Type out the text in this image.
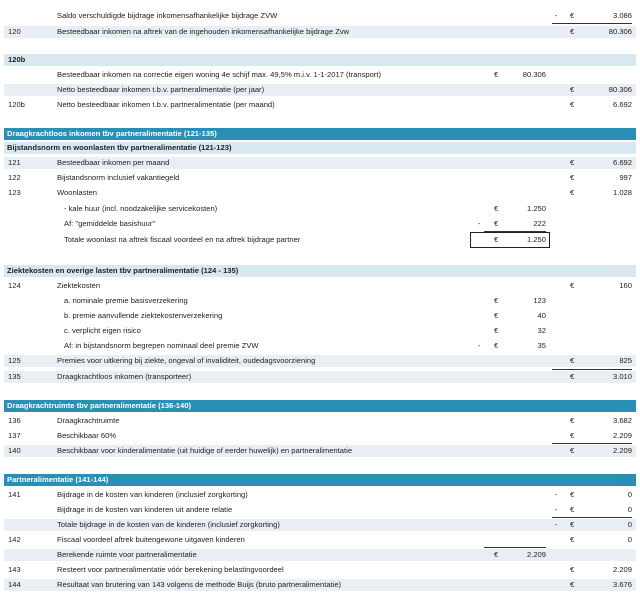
Saldo verschuldigde bijdrage inkomensafhankelijke bijdrage ZVW	-	€	3.086
120	Besteedbaar inkomen na aftrek van de ingehouden inkomensafhankelijke bijdrage Zvw	€	80.306
120b
Besteedbaar inkomen na correctie eigen woning 4e schijf max. 49,5% m.i.v. 1-1-2017 (transport)	€	80.306
Netto besteedbaar inkomen t.b.v. partneralimentatie (per jaar)	€	80.306
120b	Netto besteedbaar inkomen t.b.v. partneralimentatie (per maand)	€	6.692
Draagkrachtloos inkomen tbv partneralimentatie (121-135)
Bijstandsnorm en woonlasten tbv partneralimentatie (121-123)
121	Besteedbaar inkomen per maand	€	6.692
122	Bijstandsnorm inclusief vakantiegeld	€	997
123	Woonlasten	€	1.028
- kale huur (incl. noodzakelijke servicekosten)	€	1.250
Af: "gemiddelde basishuur"	-	€	222
Totale woonlast na aftrek fiscaal voordeel en na aftrek bijdrage partner	€	1.250
Ziektekosten en overige lasten tbv partneralimentatie (124 - 135)
124	Ziektekosten	€	160
a. nominale premie basisverzekering	€	123
b. premie aanvullende ziektekostenverzekering	€	40
c. verplicht eigen risico	€	32
Af: in bijstandsnorm begrepen nominaal deel premie ZVW	-	€	35
125	Premies voor uitkering bij ziekte, ongeval of invaliditeit, oudedagsvoorziening	€	825
135	Draagkrachtloos inkomen (transporteer)	€	3.010
Draagkrachtruimte tbv partneralimentatie (136-140)
136	Draagkrachtruimte	€	3.682
137	Beschikbaar 60%	€	2.209
140	Beschikbaar voor kinderalimentatie (uit huidige of eerder huwelijk) en partneralimentatie	€	2.209
Partneralimentatie (141-144)
141	Bijdrage in de kosten van kinderen (inclusief zorgkorting)	-	€	0
Bijdrage in de kosten van kinderen uit andere relatie	-	€	0
Totale bijdrage in de kosten van de kinderen (inclusief zorgkorting)	-	€	0
142	Fiscaal voordeel aftrek buitengewone uitgaven kinderen	€	0
Berekende ruimte voor partneralimentatie	€	2.209
143	Resteert voor partneralimentatie vóór berekening belastingvoordeel	€	2.209
144	Resultaat van brutering van 143 volgens de methode Buijs (bruto partneralimentatie)	€	3.676
